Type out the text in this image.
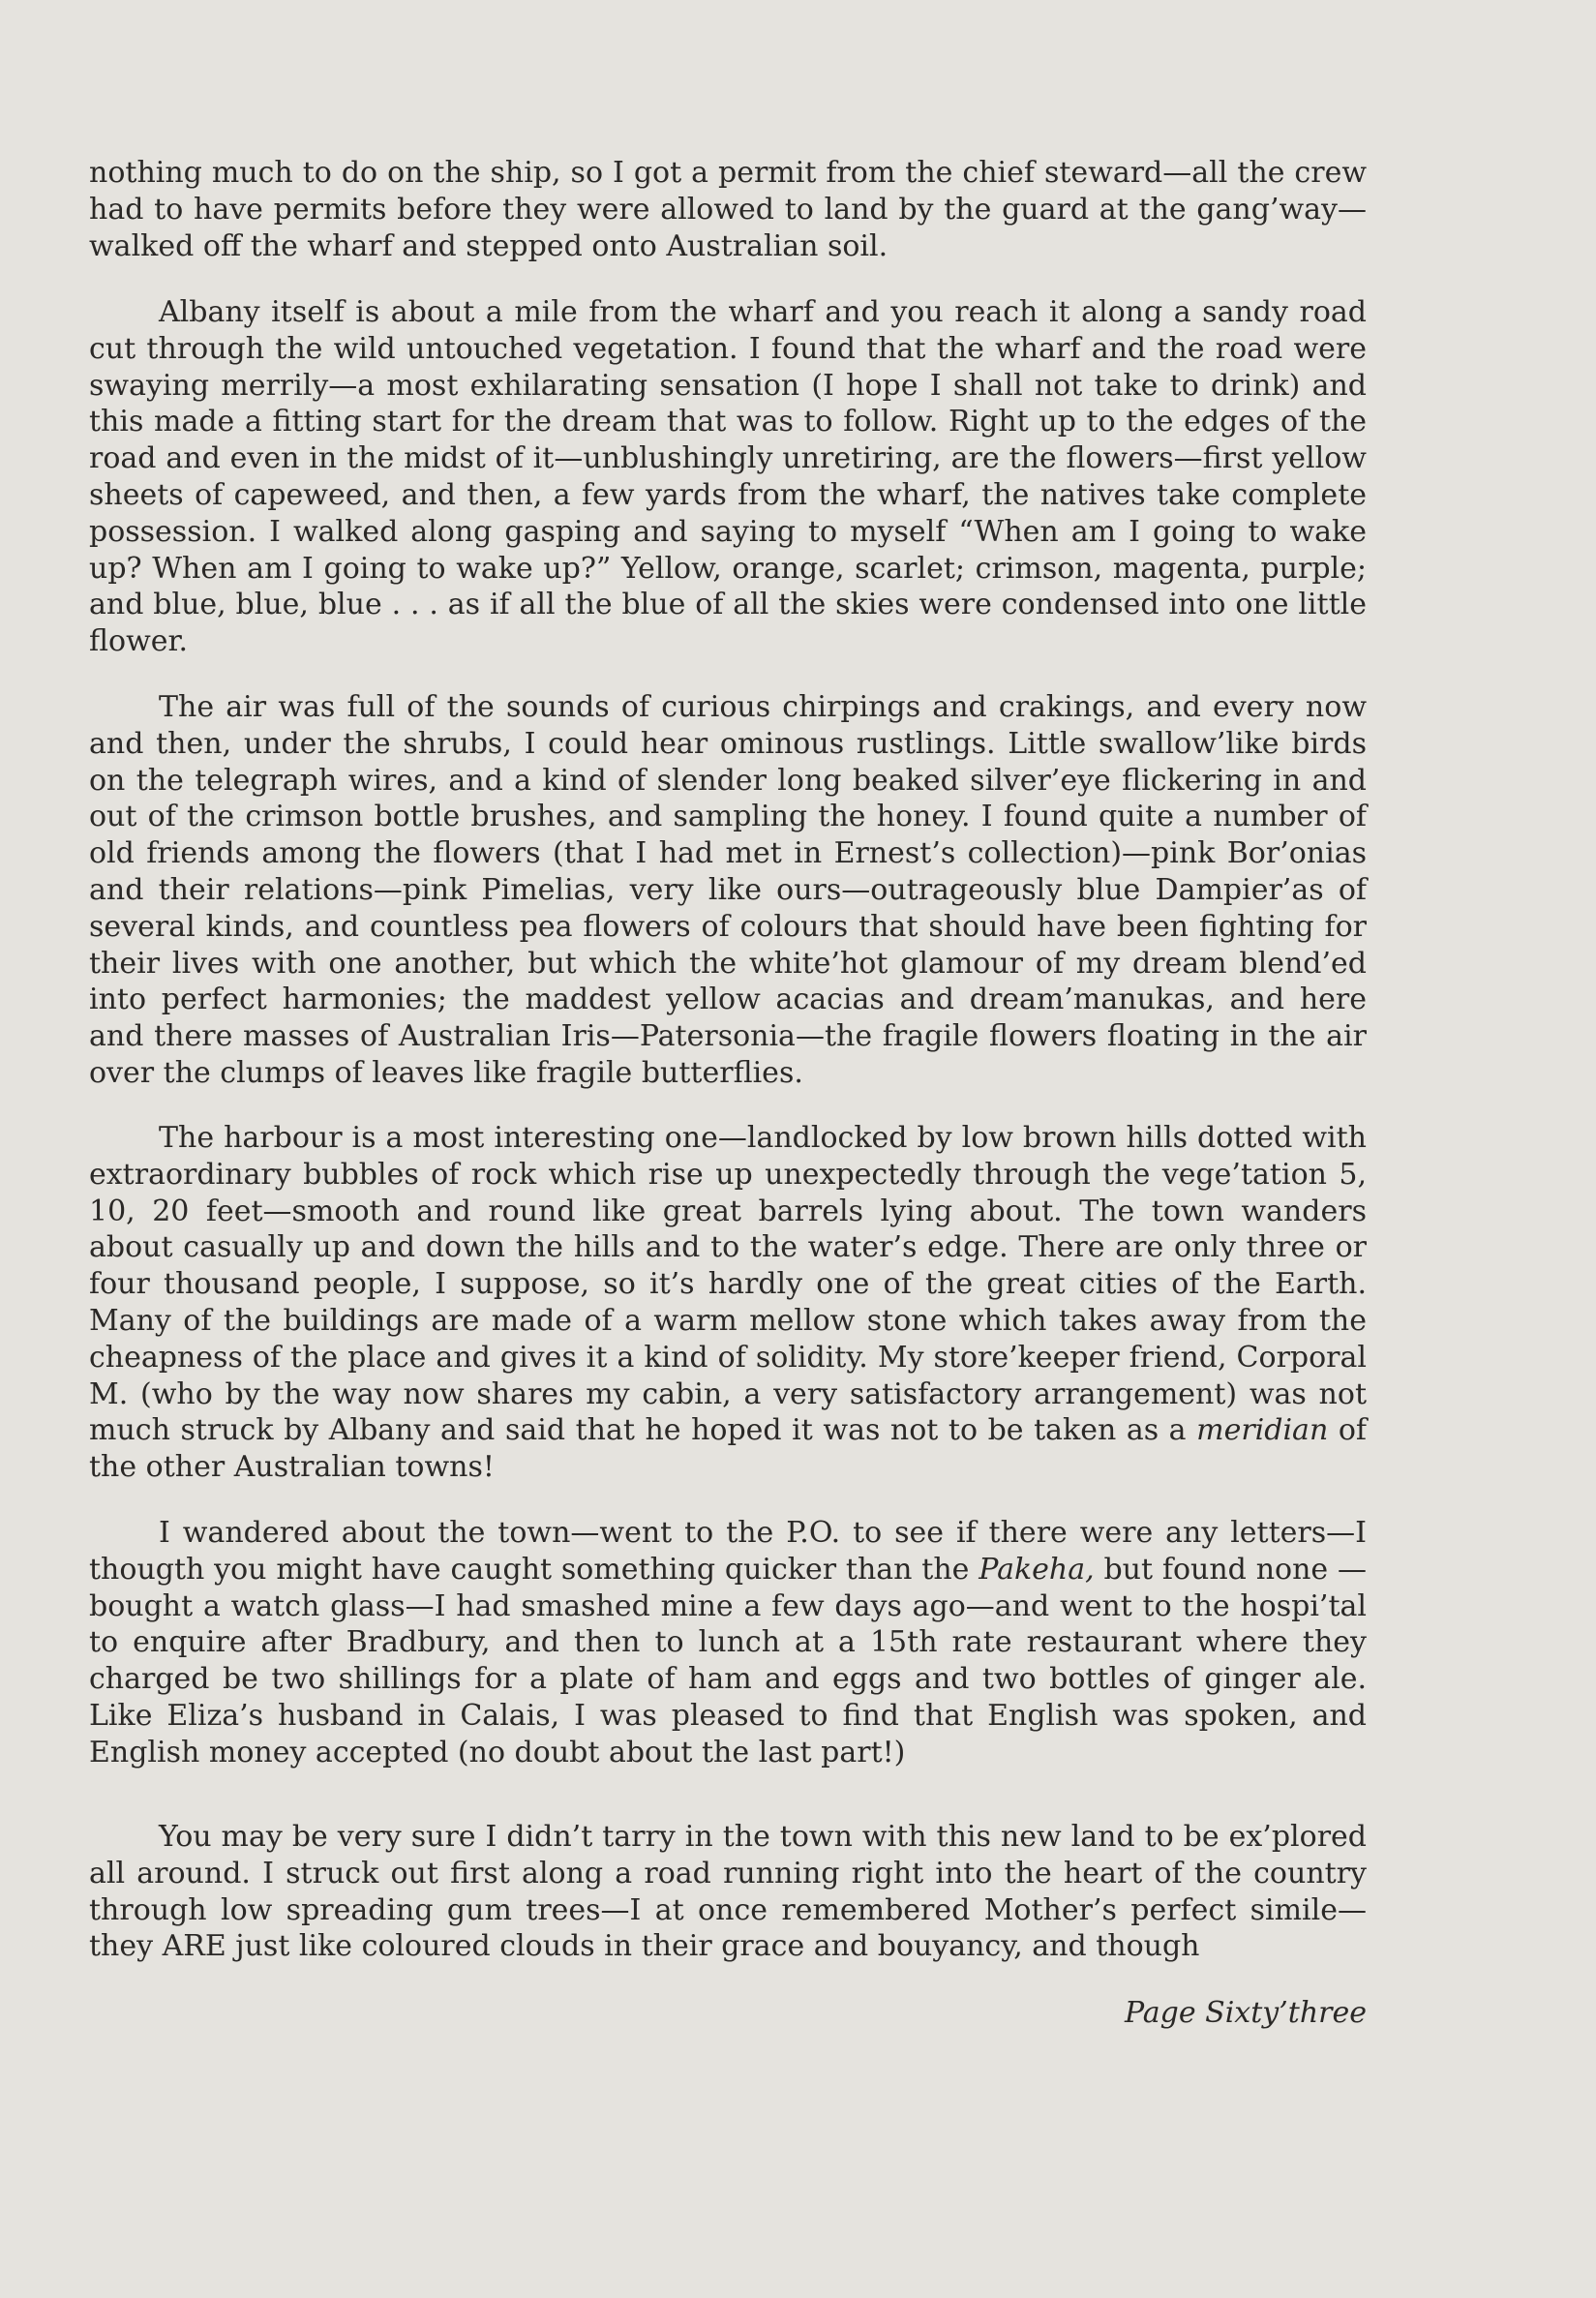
nothing much to do on the ship, so I got a permit from the chief steward—all the crew had to have permits before they were allowed to land by the guard at the gang’way—walked off the wharf and stepped onto Australian soil.

Albany itself is about a mile from the wharf and you reach it along a sandy road cut through the wild untouched vegetation. I found that the wharf and the road were swaying merrily—a most exhilarating sensation (I hope I shall not take to drink) and this made a fitting start for the dream that was to follow. Right up to the edges of the road and even in the midst of it—unblushingly unretiring, are the flowers—first yellow sheets of capeweed, and then, a few yards from the wharf, the natives take complete possession. I walked along gasping and saying to myself “When am I going to wake up? When am I going to wake up?” Yellow, orange, scarlet; crimson, magenta, purple; and blue, blue, blue . . . as if all the blue of all the skies were condensed into one little flower.

The air was full of the sounds of curious chirpings and crakings, and every now and then, under the shrubs, I could hear ominous rustlings. Little swallow’like birds on the telegraph wires, and a kind of slender long beaked silver’eye flickering in and out of the crimson bottle brushes, and sampling the honey. I found quite a number of old friends among the flowers (that I had met in Ernest’s collection)—pink Bor’onias and their relations—pink Pimelias, very like ours—outrageously blue Dampier’as of several kinds, and countless pea flowers of colours that should have been fighting for their lives with one another, but which the white’hot glamour of my dream blend’ed into perfect harmonies; the maddest yellow acacias and dream’manukas, and here and there masses of Australian Iris—Patersonia—the fragile flowers floating in the air over the clumps of leaves like fragile butterflies.

The harbour is a most interesting one—landlocked by low brown hills dotted with extraordinary bubbles of rock which rise up unexpectedly through the vege’tation 5, 10, 20 feet—smooth and round like great barrels lying about. The town wanders about casually up and down the hills and to the water’s edge. There are only three or four thousand people, I suppose, so it’s hardly one of the great cities of the Earth. Many of the buildings are made of a warm mellow stone which takes away from the cheapness of the place and gives it a kind of solidity. My store’keeper friend, Corporal M. (who by the way now shares my cabin, a very satisfactory arrangement) was not much struck by Albany and said that he hoped it was not to be taken as a meridian of the other Australian towns!

I wandered about the town—went to the P.O. to see if there were any letters—I thougth you might have caught something quicker than the Pakeha, but found none —bought a watch glass—I had smashed mine a few days ago—and went to the hospi’tal to enquire after Bradbury, and then to lunch at a 15th rate restaurant where they charged be two shillings for a plate of ham and eggs and two bottles of ginger ale. Like Eliza’s husband in Calais, I was pleased to find that English was spoken, and English money accepted (no doubt about the last part!)

You may be very sure I didn’t tarry in the town with this new land to be ex’plored all around. I struck out first along a road running right into the heart of the country through low spreading gum trees—I at once remembered Mother’s perfect simile—they ARE just like coloured clouds in their grace and bouyancy, and though

Page Sixty’three
